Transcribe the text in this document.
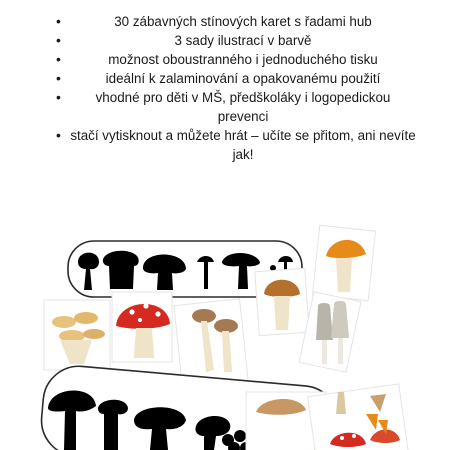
• 30 zábavných stínových karet s řadami hub
• 3 sady ilustrací v barvě
• možnost oboustranného i jednoduchého tisku
• ideální k zalaminování a opakovanému použití
• vhodné pro děti v MŠ, předškoláky i logopedickou prevenci
• stačí vytisknout a můžete hrát – učíte se přitom, ani nevíte jak!
